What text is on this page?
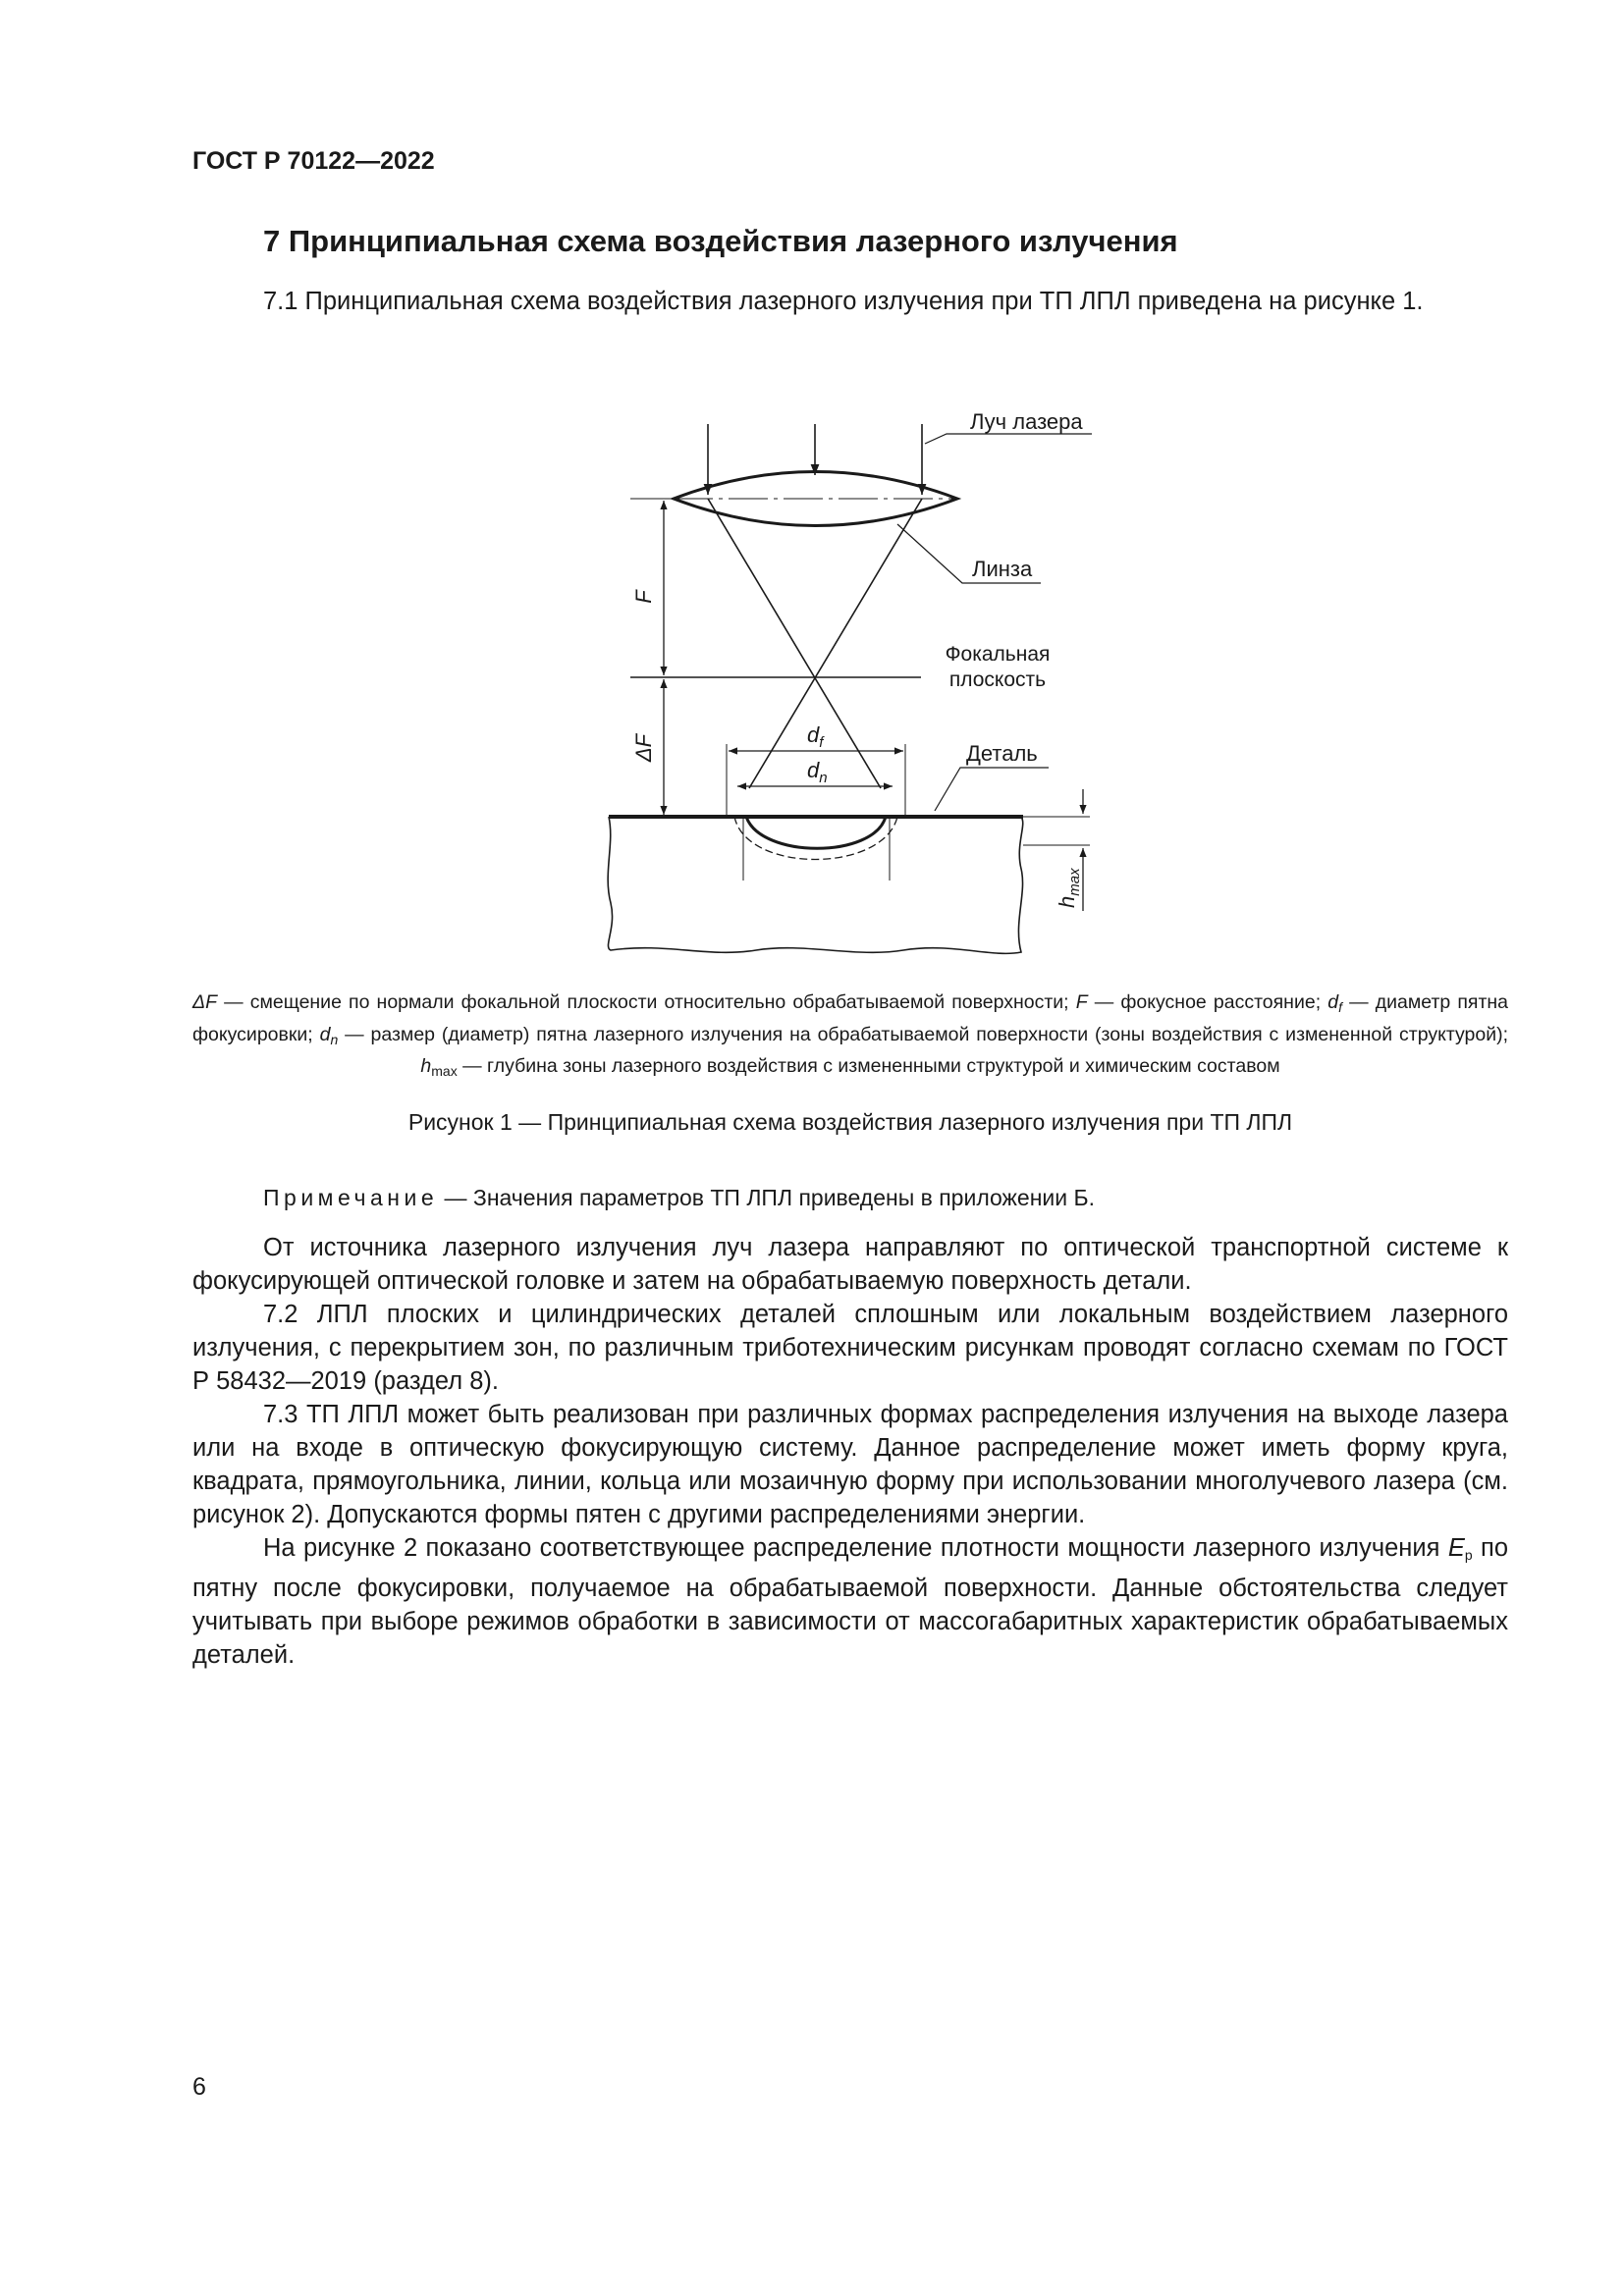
ГОСТ Р 70122—2022
7 Принципиальная схема воздействия лазерного излучения
7.1 Принципиальная схема воздействия лазерного излучения при ТП ЛПЛ приведена на рисунке 1.
Луч лазера
Линза
Фокальная
плоскость
Деталь
F
ΔF	$d_f$
$d_n$
$h_{max}$
ΔF — смещение по нормали фокальной плоскости относительно обрабатываемой поверхности; F — фокусное расстояние; $d_f$ — диаметр пятна фокусировки; $d_n$ — размер (диаметр) пятна лазерного излучения на обрабатываемой поверхности (зоны воздействия с измененной структурой); $h_{max}$ — глубина зоны лазерного воздействия с измененными структурой и химическим составом
Рисунок 1 — Принципиальная схема воздействия лазерного излучения при ТП ЛПЛ
Примечание — Значения параметров ТП ЛПЛ приведены в приложении Б.
От источника лазерного излучения луч лазера направляют по оптической транспортной системе к фокусирующей оптической головке и затем на обрабатываемую поверхность детали.
7.2 ЛПЛ плоских и цилиндрических деталей сплошным или локальным воздействием лазерного излучения, с перекрытием зон, по различным триботехническим рисункам проводят согласно схемам по ГОСТ Р 58432—2019 (раздел 8).
7.3 ТП ЛПЛ может быть реализован при различных формах распределения излучения на выходе лазера или на входе в оптическую фокусирующую систему. Данное распределение может иметь форму круга, квадрата, прямоугольника, линии, кольца или мозаичную форму при использовании многолучевого лазера (см. рисунок 2). Допускаются формы пятен с другими распределениями энергии.
На рисунке 2 показано соответствующее распределение плотности мощности лазерного излучения $E_p$ по пятну после фокусировки, получаемое на обрабатываемой поверхности. Данные обстоятельства следует учитывать при выборе режимов обработки в зависимости от массогабаритных характеристик обрабатываемых деталей.
6
